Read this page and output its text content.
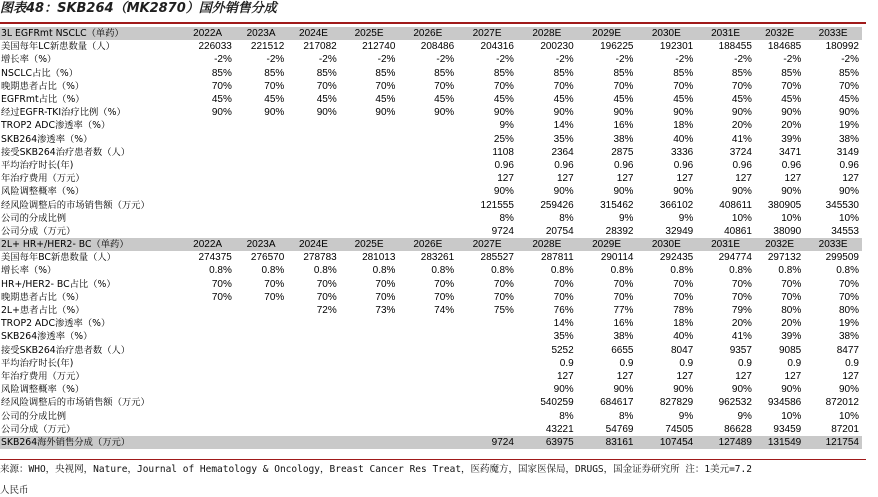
图表48：SKB264（MK2870）国外销售分成
3L EGFRmt NSCLC（单药）	2022A	2023A	2024E	2025E	2026E	2027E	2028E	2029E	2030E	2031E	2032E	2033E
美国每年LC新患数量（人）	226033	221512	217082	212740	208486	204316	200230	196225	192301	188455	184685	180992
增长率（%）	-2%	-2%	-2%	-2%	-2%	-2%	-2%	-2%	-2%	-2%	-2%	-2%
NSCLC占比（%）	85%	85%	85%	85%	85%	85%	85%	85%	85%	85%	85%	85%
晚期患者占比（%）	70%	70%	70%	70%	70%	70%	70%	70%	70%	70%	70%	70%
EGFRmt占比（%）	45%	45%	45%	45%	45%	45%	45%	45%	45%	45%	45%	45%
经过EGFR-TKI治疗比例（%）	90%	90%	90%	90%	90%	90%	90%	90%	90%	90%	90%	90%
TROP2 ADC渗透率（%）						9%	14%	16%	18%	20%	20%	19%
SKB264渗透率（%）						25%	35%	38%	40%	41%	39%	38%
接受SKB264治疗患者数（人）						1108	2364	2875	3336	3724	3471	3149
平均治疗时长(年)						0.96	0.96	0.96	0.96	0.96	0.96	0.96
年治疗费用（万元）						127	127	127	127	127	127	127
风险调整概率（%）						90%	90%	90%	90%	90%	90%	90%
经风险调整后的市场销售额（万元）						121555	259426	315462	366102	408611	380905	345530
公司的分成比例						8%	8%	9%	9%	10%	10%	10%
公司分成（万元）						9724	20754	28392	32949	40861	38090	34553
2L+ HR+/HER2- BC（单药）	2022A	2023A	2024E	2025E	2026E	2027E	2028E	2029E	2030E	2031E	2032E	2033E
美国每年BC新患数量（人）	274375	276570	278783	281013	283261	285527	287811	290114	292435	294774	297132	299509
增长率（%）	0.8%	0.8%	0.8%	0.8%	0.8%	0.8%	0.8%	0.8%	0.8%	0.8%	0.8%	0.8%
HR+/HER2- BC占比（%）	70%	70%	70%	70%	70%	70%	70%	70%	70%	70%	70%	70%
晚期患者占比（%）	70%	70%	70%	70%	70%	70%	70%	70%	70%	70%	70%	70%
2L+患者占比（%）			72%	73%	74%	75%	76%	77%	78%	79%	80%	80%
TROP2 ADC渗透率（%）							14%	16%	18%	20%	20%	19%
SKB264渗透率（%）							35%	38%	40%	41%	39%	38%
接受SKB264治疗患者数（人）							5252	6655	8047	9357	9085	8477
平均治疗时长(年)							0.9	0.9	0.9	0.9	0.9	0.9
年治疗费用（万元）							127	127	127	127	127	127
风险调整概率（%）							90%	90%	90%	90%	90%	90%
经风险调整后的市场销售额（万元）							540259	684617	827829	962532	934586	872012
公司的分成比例							8%	8%	9%	9%	10%	10%
公司分成（万元）							43221	54769	74505	86628	93459	87201
SKB264海外销售分成（万元）						9724	63975	83161	107454	127489	131549	121754
来源：WHO，央视网，Nature，Journal of Hematology & Oncology，Breast Cancer Res Treat，医药魔方，国家医保局，DRUGS，国金证券研究所 注：1美元=7.2
人民币
